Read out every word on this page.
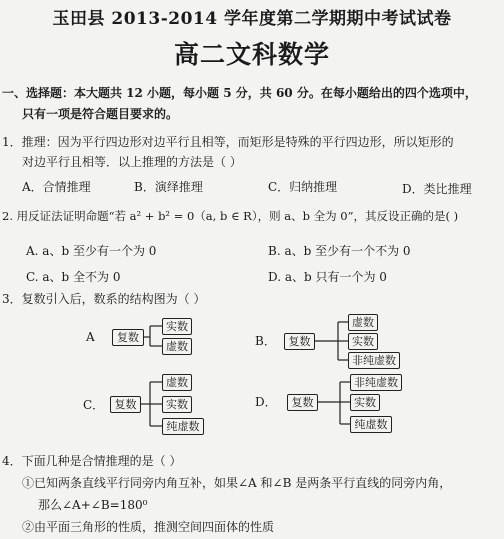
玉田县 2013-2014 学年度第二学期期中考试试卷
高二文科数学
一、选择题：本大题共 12 小题，每小题 5 分，共 60 分。在每小题给出的四个选项中，
只有一项是符合题目要求的。
1．推理：因为平行四边形对边平行且相等，而矩形是特殊的平行四边形，所以矩形的
对边平行且相等．以上推理的方法是（ ）
A．合情推理	B．演绎推理	C．归纳推理	D．类比推理
2. 用反证法证明命题“若 a² + b² = 0（a, b ∈ R），则 a、b 全为 0”，其反设正确的是( )
A. a、b 至少有一个为 0	B. a、b 至少有一个不为 0
C. a、b 全不为 0	D. a、b 只有一个为 0
3．复数引入后，数系的结构图为（ ）
A	B．
C．	D．
复数
实数
虚数	复数
虚数
实数
非纯虚数
复数
虚数
实数
纯虚数
复数
非纯虚数
实数
纯虚数
4．下面几种是合情推理的是（ ）
①已知两条直线平行同旁内角互补，如果∠A 和∠B 是两条平行直线的同旁内角，
那么∠A+∠B=180⁰
②由平面三角形的性质，推测空间四面体的性质
